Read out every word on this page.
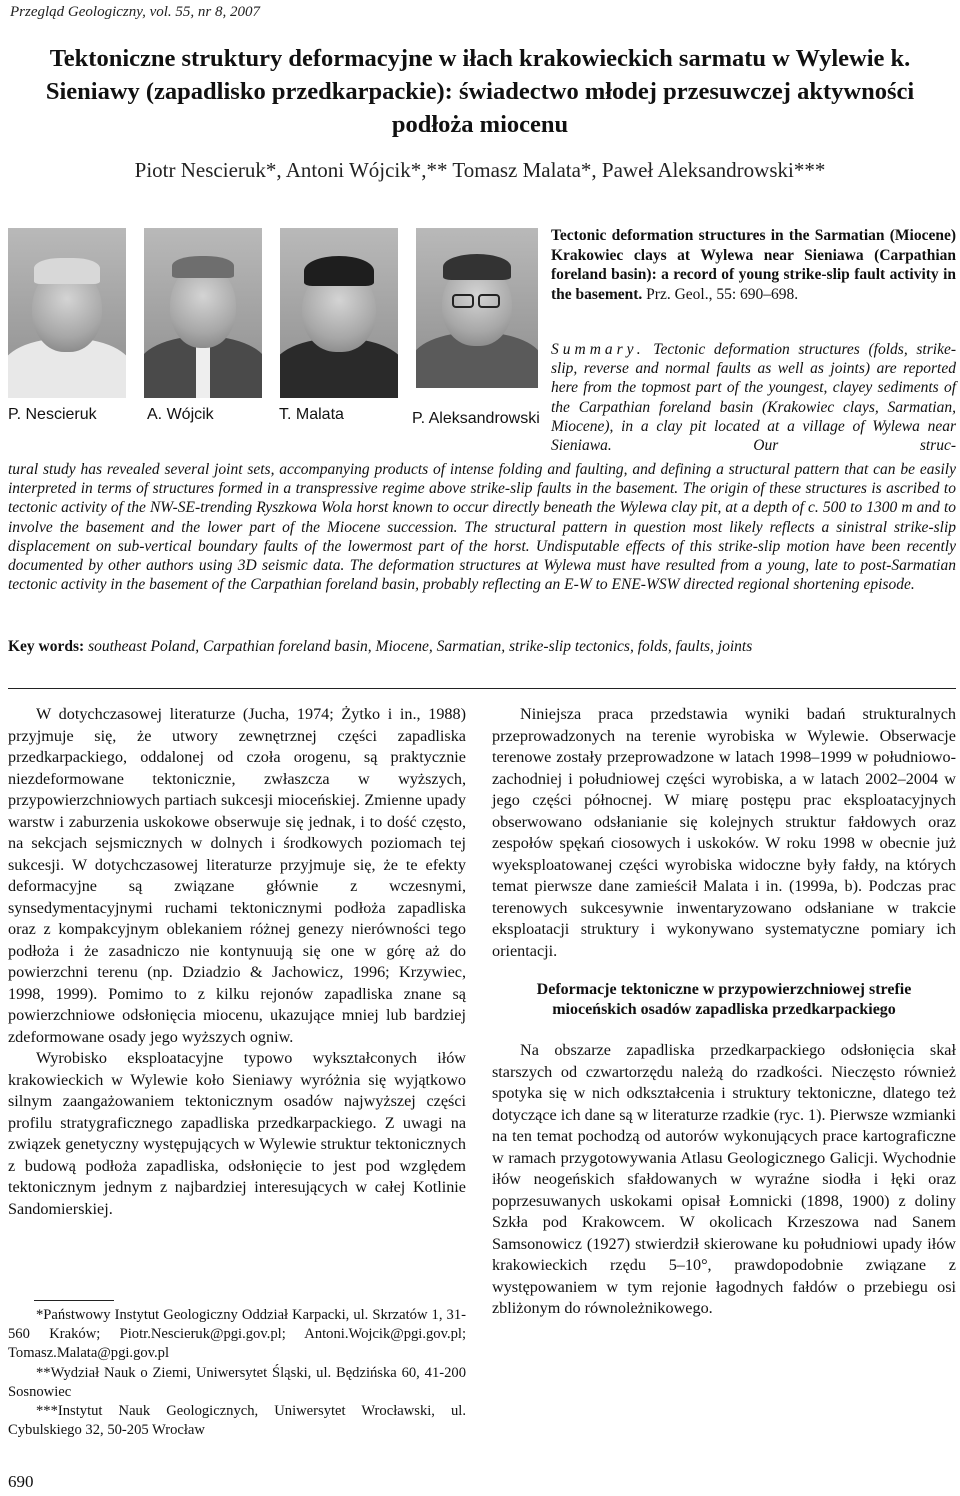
Przegląd Geologiczny, vol. 55, nr 8, 2007
Tektoniczne struktury deformacyjne w iłach krakowieckich sarmatu w Wylewie k. Sieniawy (zapadlisko przedkarpackie): świadectwo młodej przesuwczej aktywności podłoża miocenu
Piotr Nescieruk*, Antoni Wójcik*,** Tomasz Malata*, Paweł Aleksandrowski***
P. Nescieruk	A. Wójcik	T. Malata	P. Aleksandrowski
Tectonic deformation structures in the Sarmatian (Miocene) Krakowiec clays at Wylewa near Sieniawa (Carpathian foreland basin): a record of young strike-slip fault activity in the basement. Prz. Geol., 55: 690–698.
Summary. Tectonic deformation structures (folds, strike-slip, reverse and normal faults as well as joints) are reported here from the topmost part of the youngest, clayey sediments of the Carpathian foreland basin (Krakowiec clays, Sarmatian, Miocene), in a clay pit located at a village of Wylewa near Sieniawa. Our struc-
tural study has revealed several joint sets, accompanying products of intense folding and faulting, and defining a structural pattern that can be easily interpreted in terms of structures formed in a transpressive regime above strike-slip faults in the basement. The origin of these structures is ascribed to tectonic activity of the NW-SE-trending Ryszkowa Wola horst known to occur directly beneath the Wylewa clay pit, at a depth of c. 500 to 1300 m and to involve the basement and the lower part of the Miocene succession. The structural pattern in question most likely reflects a sinistral strike-slip displacement on sub-vertical boundary faults of the lowermost part of the horst. Undisputable effects of this strike-slip motion have been recently documented by other authors using 3D seismic data. The deformation structures at Wylewa must have resulted from a young, late to post-Sarmatian tectonic activity in the basement of the Carpathian foreland basin, probably reflecting an E-W to ENE-WSW directed regional shortening episode.
Key words: southeast Poland, Carpathian foreland basin, Miocene, Sarmatian, strike-slip tectonics, folds, faults, joints

W dotychczasowej literaturze (Jucha, 1974; Żytko i in., 1988) przyjmuje się, że utwory zewnętrznej części zapadliska przedkarpackiego, oddalonej od czoła orogenu, są praktycznie niezdeformowane tektonicznie, zwłaszcza w wyższych, przypowierzchniowych partiach sukcesji mioceńskiej. Zmienne upady warstw i zaburzenia uskokowe obserwuje się jednak, i to dość często, na sekcjach sejsmicznych w dolnych i środkowych poziomach tej sukcesji. W dotychczasowej literaturze przyjmuje się, że te efekty deformacyjne są związane głównie z wczesnymi, synsedymentacyjnymi ruchami tektonicznymi podłoża zapadliska oraz z kompakcyjnym oblekaniem różnej genezy nierówności tego podłoża i że zasadniczo nie kontynuują się one w górę aż do powierzchni terenu (np. Dziadzio & Jachowicz, 1996; Krzywiec, 1998, 1999). Pomimo to z kilku rejonów zapadliska znane są powierzchniowe odsłonięcia miocenu, ukazujące mniej lub bardziej zdeformowane osady jego wyższych ogniw.

Wyrobisko eksploatacyjne typowo wykształconych iłów krakowieckich w Wylewie koło Sieniawy wyróżnia się wyjątkowo silnym zaangażowaniem tektonicznym osadów najwyższej części profilu stratygraficznego zapadliska przedkarpackiego. Z uwagi na związek genetyczny występujących w Wylewie struktur tektonicznych z budową podłoża zapadliska, odsłonięcie to jest pod względem tektonicznym jednym z najbardziej interesujących w całej Kotlinie Sandomierskiej.

Niniejsza praca przedstawia wyniki badań strukturalnych przeprowadzonych na terenie wyrobiska w Wylewie. Obserwacje terenowe zostały przeprowadzone w latach 1998–1999 w południowo-zachodniej i południowej części wyrobiska, a w latach 2002–2004 w jego części północnej. W miarę postępu prac eksploatacyjnych obserwowano odsłanianie się kolejnych struktur fałdowych oraz zespołów spękań ciosowych i uskoków. W roku 1998 w obecnie już wyeksploatowanej części wyrobiska widoczne były fałdy, na których temat pierwsze dane zamieścił Malata i in. (1999a, b). Podczas prac terenowych sukcesywnie inwentaryzowano odsłaniane w trakcie eksploatacji struktury i wykonywano systematyczne pomiary ich orientacji.

Deformacje tektoniczne w przypowierzchniowej strefie mioceńskich osadów zapadliska przedkarpackiego

Na obszarze zapadliska przedkarpackiego odsłonięcia skał starszych od czwartorzędu należą do rzadkości. Nieczęsto również spotyka się w nich odkształcenia i struktury tektoniczne, dlatego też dotyczące ich dane są w literaturze rzadkie (ryc. 1). Pierwsze wzmianki na ten temat pochodzą od autorów wykonujących prace kartograficzne w ramach przygotowywania Atlasu Geologicznego Galicji. Wychodnie iłów neogeńskich sfałdowanych w wyraźne siodła i łęki oraz poprzesuwanych uskokami opisał Łomnicki (1898, 1900) z doliny Szkła pod Krakowcem. W okolicach Krzeszowa nad Sanem Samsonowicz (1927) stwierdził skierowane ku południowi upady iłów krakowieckich rzędu 5–10°, prawdopodobnie związane z występowaniem w tym rejonie łagodnych fałdów o przebiegu osi zbliżonym do równoleżnikowego.

*Państwowy Instytut Geologiczny Oddział Karpacki, ul. Skrzatów 1, 31-560 Kraków; Piotr.Nescieruk@pgi.gov.pl; Antoni.Wojcik@pgi.gov.pl; Tomasz.Malata@pgi.gov.pl

**Wydział Nauk o Ziemi, Uniwersytet Śląski, ul. Będzińska 60, 41-200 Sosnowiec

***Instytut Nauk Geologicznych, Uniwersytet Wrocławski, ul. Cybulskiego 32, 50-205 Wrocław

690
